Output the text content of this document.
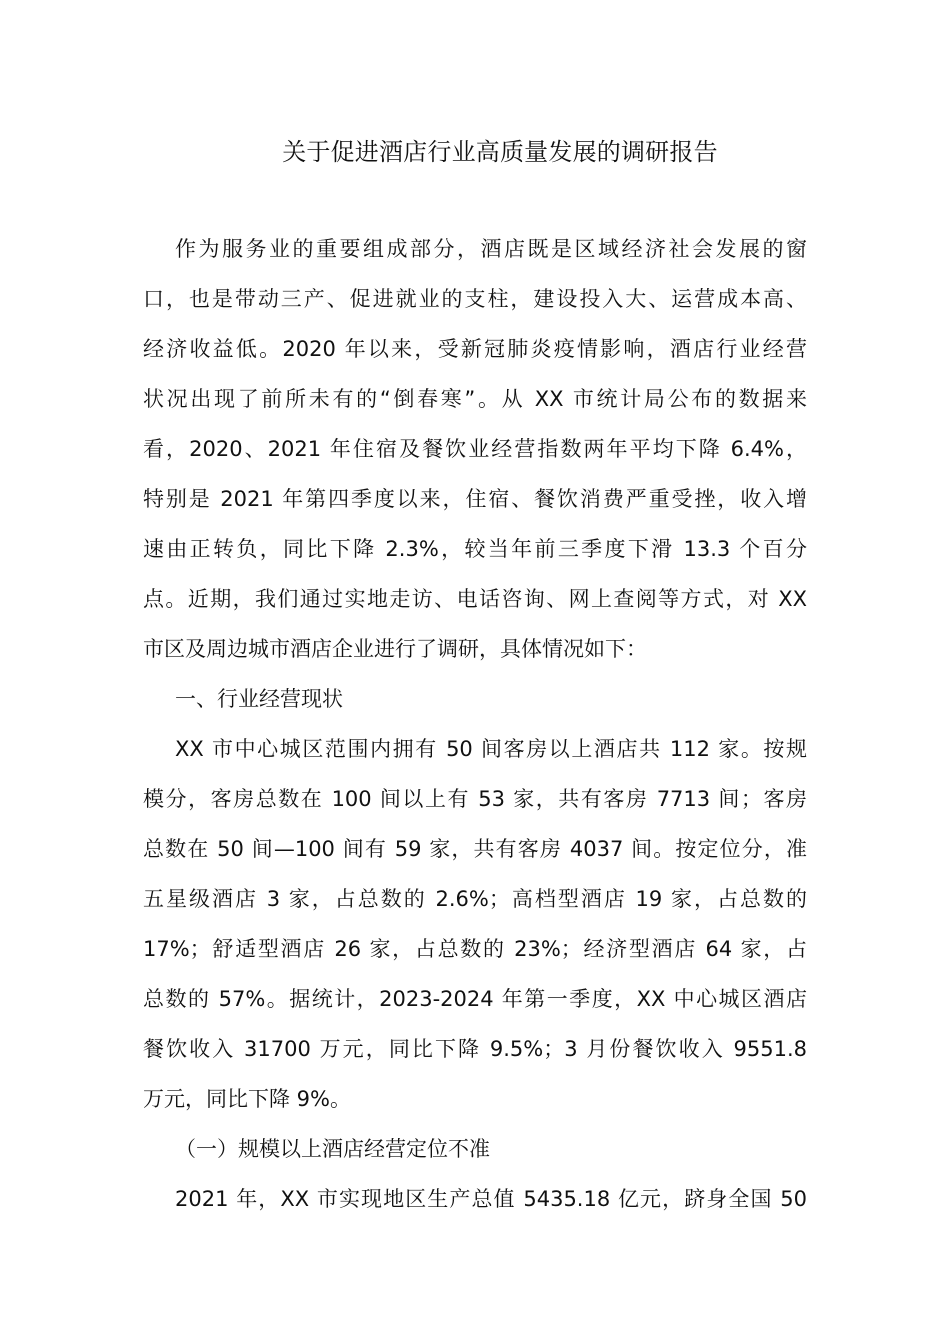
关于促进酒店行业高质量发展的调研报告

作为服务业的重要组成部分，酒店既是区域经济社会发展的窗

口，也是带动三产、促进就业的支柱，建设投入大、运营成本高、

经济收益低。2020 年以来，受新冠肺炎疫情影响，酒店行业经营

状况出现了前所未有的“倒春寒”。从 XX 市统计局公布的数据来

看，2020、2021 年住宿及餐饮业经营指数两年平均下降 6.4%，

特别是 2021 年第四季度以来，住宿、餐饮消费严重受挫，收入增

速由正转负，同比下降 2.3%，较当年前三季度下滑 13.3 个百分

点。近期，我们通过实地走访、电话咨询、网上查阅等方式，对 XX

市区及周边城市酒店企业进行了调研，具体情况如下：

一、行业经营现状

XX 市中心城区范围内拥有 50 间客房以上酒店共 112 家。按规

模分，客房总数在 100 间以上有 53 家，共有客房 7713 间；客房

总数在 50 间—100 间有 59 家，共有客房 4037 间。按定位分，准

五星级酒店 3 家，占总数的 2.6%；高档型酒店 19 家，占总数的

17%；舒适型酒店 26 家，占总数的 23%；经济型酒店 64 家，占

总数的 57%。据统计，2023-2024 年第一季度，XX 中心城区酒店

餐饮收入 31700 万元，同比下降 9.5%；3 月份餐饮收入 9551.8

万元，同比下降 9%。

（一）规模以上酒店经营定位不准

2021 年，XX 市实现地区生产总值 5435.18 亿元，跻身全国 50
